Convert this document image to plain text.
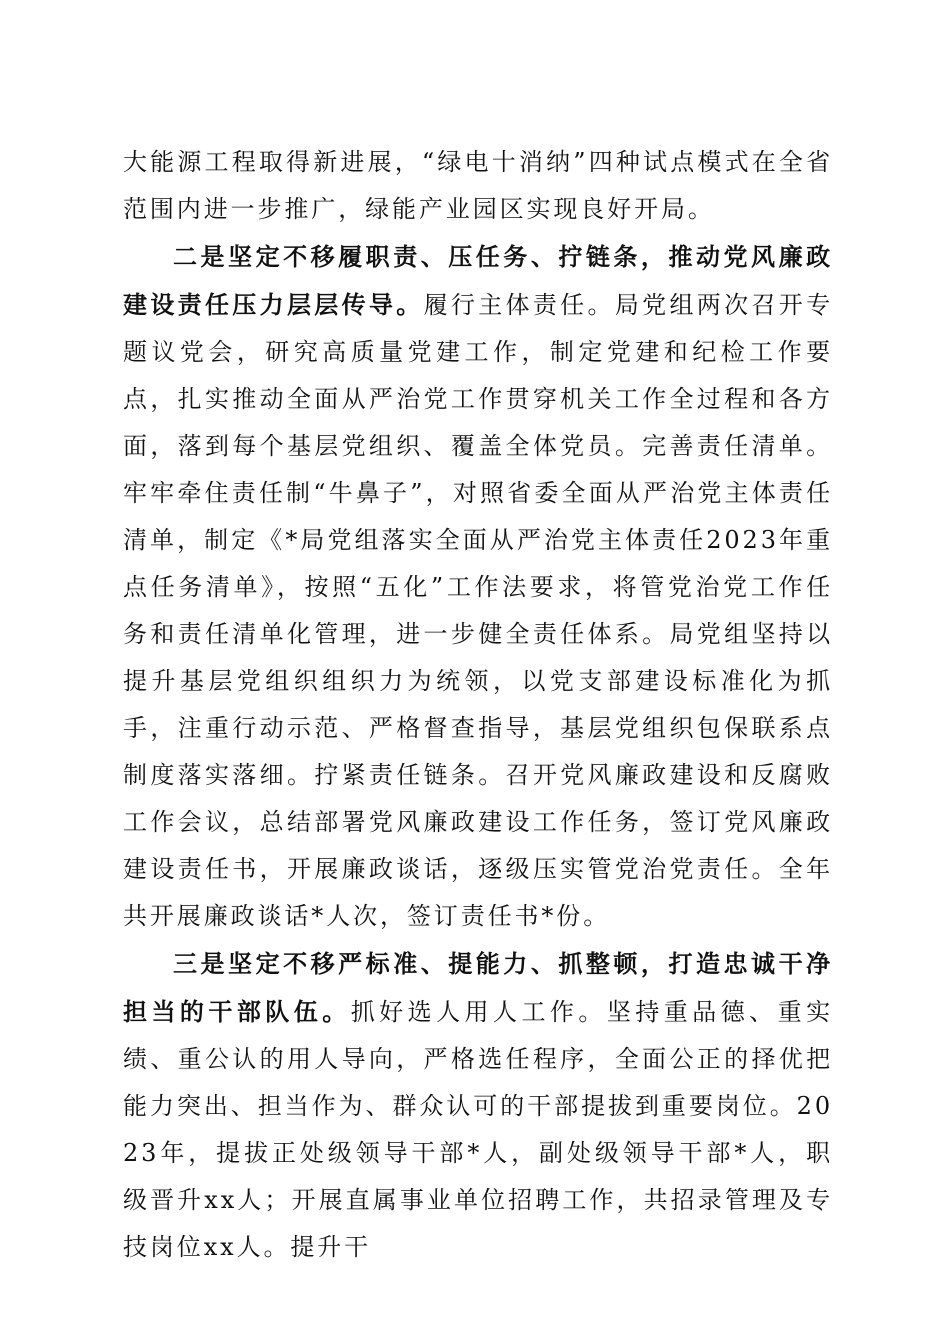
大能源工程取得新进展，“绿电十消纳”四种试点模式在全省范围内进一步推广，绿能产业园区实现良好开局。

二是坚定不移履职责、压任务、拧链条，推动党风廉政建设责任压力层层传导。履行主体责任。局党组两次召开专题议党会，研究高质量党建工作，制定党建和纪检工作要点，扎实推动全面从严治党工作贯穿机关工作全过程和各方面，落到每个基层党组织、覆盖全体党员。完善责任清单。牢牢牵住责任制“牛鼻子”，对照省委全面从严治党主体责任清单，制定《*局党组落实全面从严治党主体责任2023年重点任务清单》，按照“五化”工作法要求，将管党治党工作任务和责任清单化管理，进一步健全责任体系。局党组坚持以提升基层党组织组织力为统领，以党支部建设标准化为抓手，注重行动示范、严格督查指导，基层党组织包保联系点制度落实落细。拧紧责任链条。召开党风廉政建设和反腐败工作会议，总结部署党风廉政建设工作任务，签订党风廉政建设责任书，开展廉政谈话，逐级压实管党治党责任。全年共开展廉政谈话*人次，签订责任书*份。

三是坚定不移严标准、提能力、抓整顿，打造忠诚干净担当的干部队伍。抓好选人用人工作。坚持重品德、重实绩、重公认的用人导向，严格选任程序，全面公正的择优把能力突出、担当作为、群众认可的干部提拔到重要岗位。2023年，提拔正处级领导干部*人，副处级领导干部*人，职级晋升xx人；开展直属事业单位招聘工作，共招录管理及专技岗位xx人。提升干
